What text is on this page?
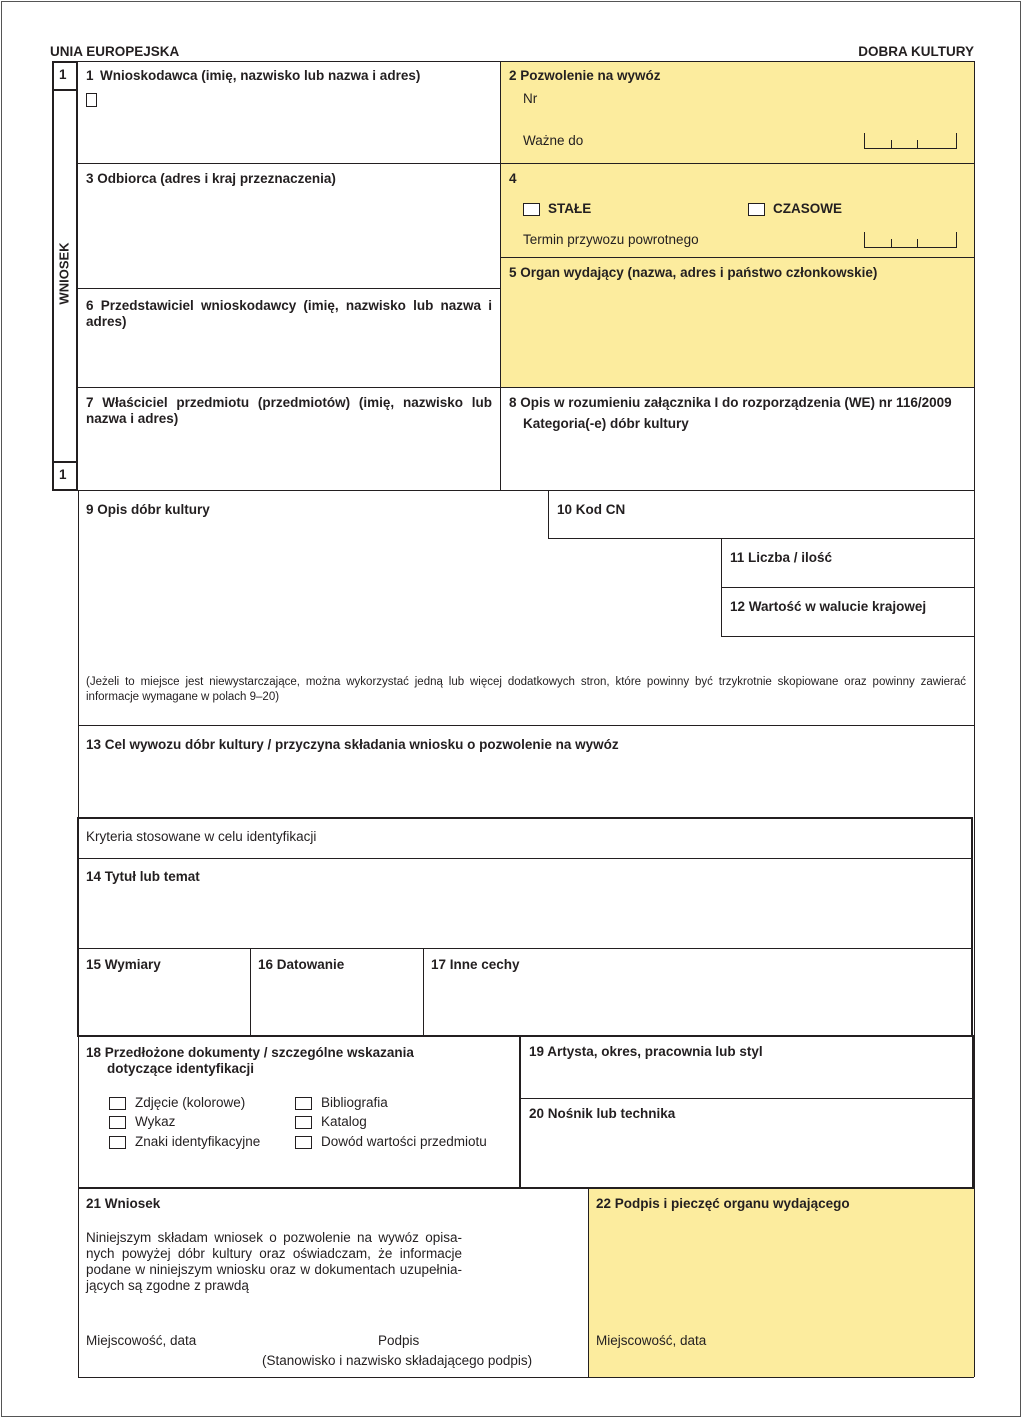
UNIA EUROPEJSKA	DOBRA KULTURY
1
1
WNIOSEK
1 Wnioskodawca (imię, nazwisko lub nazwa i adres)	2 Pozwolenie na wywóz
Nr
Ważne do
3 Odbiorca (adres i kraj przeznaczenia)	4
STAŁE	CZASOWE
Termin przywozu powrotnego
5 Organ wydający (nazwa, adres i państwo członkowskie)
6 Przedstawiciel wnioskodawcy (imię, nazwisko lub nazwa i adres)
7 Właściciel przedmiotu (przedmiotów) (imię, nazwisko lub nazwa i adres)
8 Opis w rozumieniu załącznika I do rozporządzenia (WE) nr 116/2009
Kategoria(-e) dóbr kultury
9 Opis dóbr kultury	10 Kod CN
11 Liczba / ilość
12 Wartość w walucie krajowej
(Jeżeli to miejsce jest niewystarczające, można wykorzystać jedną lub więcej dodatkowych stron, które powinny być trzykrotnie skopiowane oraz powinny zawierać informacje wymagane w polach 9–20)
13 Cel wywozu dóbr kultury / przyczyna składania wniosku o pozwolenie na wywóz
Kryteria stosowane w celu identyfikacji
14 Tytuł lub temat
15 Wymiary	16 Datowanie	17 Inne cechy
18 Przedłożone dokumenty / szczególne wskazania
dotyczące identyfikacji
Zdjęcie (kolorowe)
Wykaz
Znaki identyfikacyjne
Bibliografia
Katalog
Dowód wartości przedmiotu
19 Artysta, okres, pracownia lub styl
20 Nośnik lub technika
21 Wniosek
Niniejszym składam wniosek o pozwolenie na wywóz opisa-
nych powyżej dóbr kultury oraz oświadczam, że informacje
podane w niniejszym wniosku oraz w dokumentach uzupełnia-
jących są zgodne z prawdą
Miejscowość, data	Podpis
(Stanowisko i nazwisko składającego podpis)
22 Podpis i pieczęć organu wydającego
Miejscowość, data
